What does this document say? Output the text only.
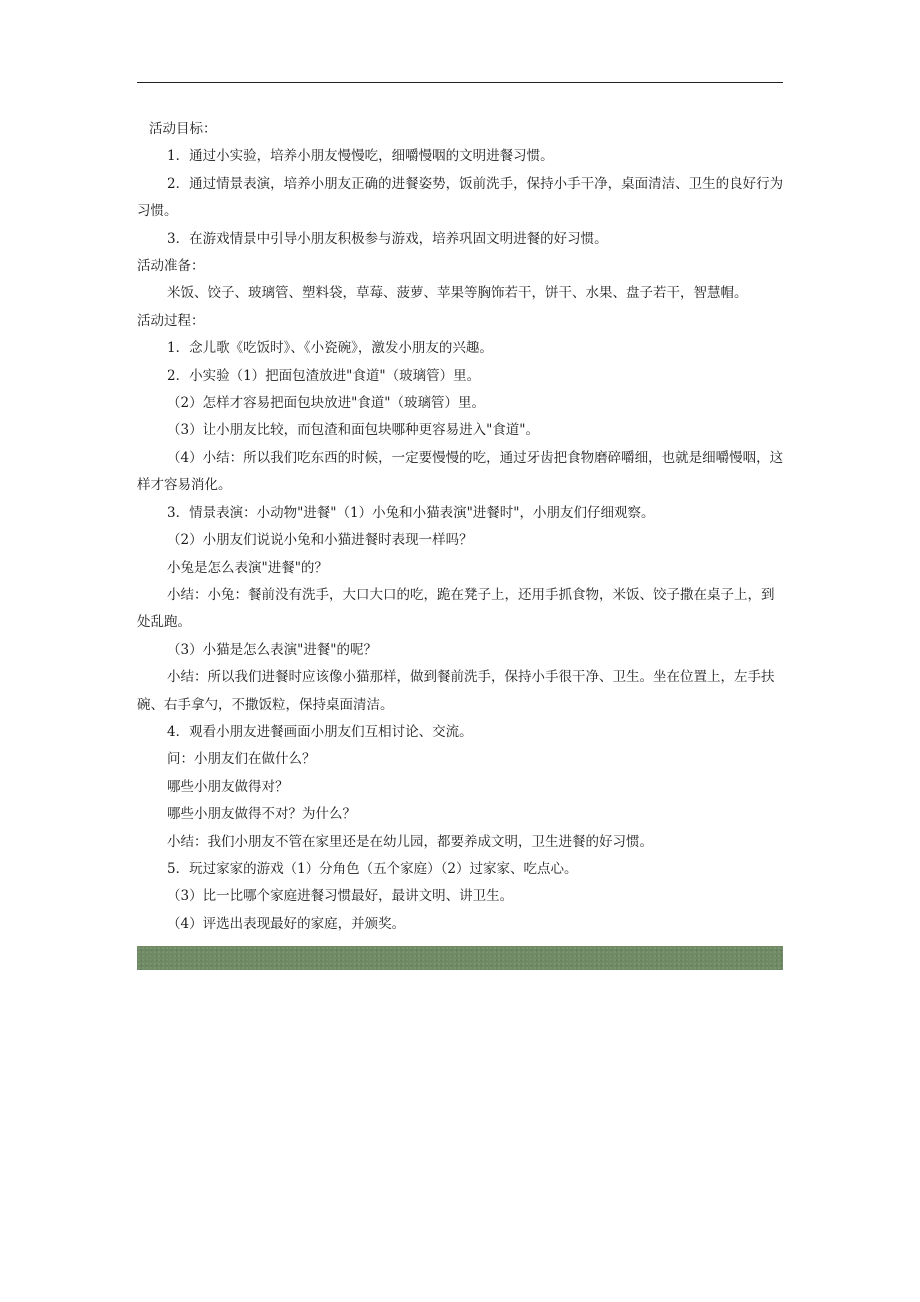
活动目标：

1．通过小实验，培养小朋友慢慢吃，细嚼慢咽的文明进餐习惯。

2．通过情景表演，培养小朋友正确的进餐姿势，饭前洗手，保持小手干净，桌面清洁、卫生的良好行为习惯。

3．在游戏情景中引导小朋友积极参与游戏，培养巩固文明进餐的好习惯。

活动准备：

米饭、饺子、玻璃管、塑料袋，草莓、菠萝、苹果等胸饰若干，饼干、水果、盘子若干，智慧帽。

活动过程：

1．念儿歌《吃饭时》、《小瓷碗》，激发小朋友的兴趣。

2．小实验（1）把面包渣放进"食道"（玻璃管）里。

（2）怎样才容易把面包块放进"食道"（玻璃管）里。

（3）让小朋友比较，而包渣和面包块哪种更容易进入"食道"。

（4）小结：所以我们吃东西的时候，一定要慢慢的吃，通过牙齿把食物磨碎嚼细，也就是细嚼慢咽，这样才容易消化。

3．情景表演：小动物"进餐"（1）小兔和小猫表演"进餐时"，小朋友们仔细观察。

（2）小朋友们说说小兔和小猫进餐时表现一样吗？

小兔是怎么表演"进餐"的？

小结：小兔：餐前没有洗手，大口大口的吃，跪在凳子上，还用手抓食物，米饭、饺子撒在桌子上，到处乱跑。

（3）小猫是怎么表演"进餐"的呢？

小结：所以我们进餐时应该像小猫那样，做到餐前洗手，保持小手很干净、卫生。坐在位置上，左手扶碗、右手拿勺，不撒饭粒，保持桌面清洁。

4．观看小朋友进餐画面小朋友们互相讨论、交流。

问：小朋友们在做什么？

哪些小朋友做得对？

哪些小朋友做得不对？为什么？

小结：我们小朋友不管在家里还是在幼儿园，都要养成文明，卫生进餐的好习惯。

5．玩过家家的游戏（1）分角色（五个家庭）（2）过家家、吃点心。

（3）比一比哪个家庭进餐习惯最好，最讲文明、讲卫生。

（4）评选出表现最好的家庭，并颁奖。
